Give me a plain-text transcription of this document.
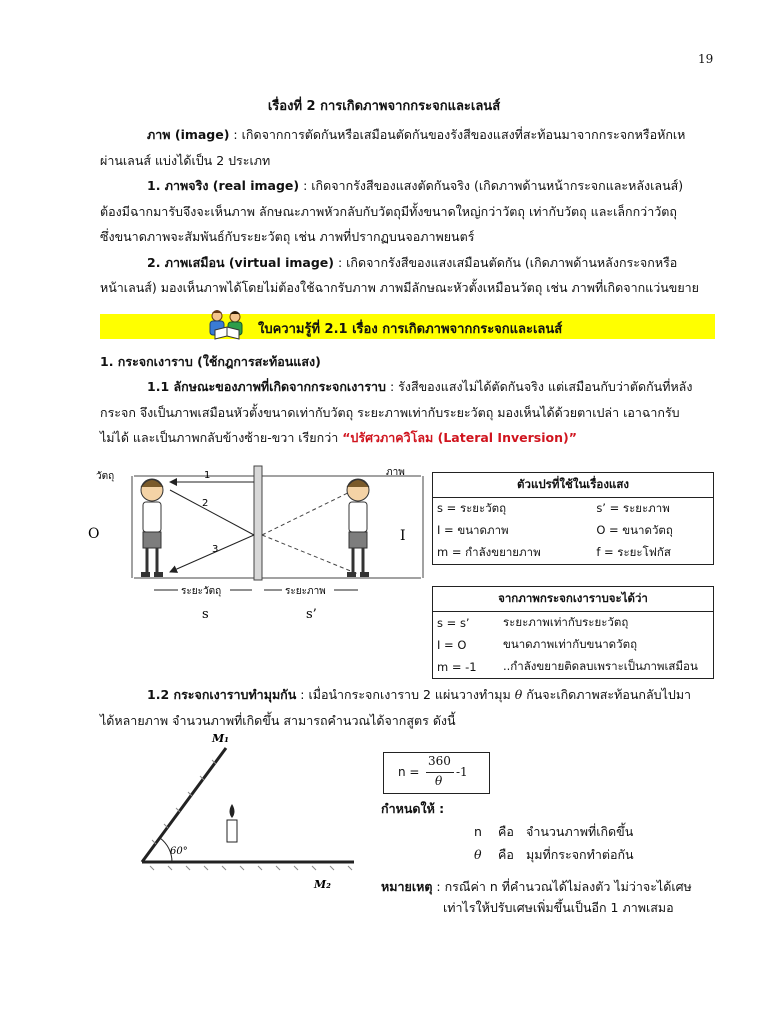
19
เรื่องที่ 2 การเกิดภาพจากกระจกและเลนส์
ภาพ (image) : เกิดจากการตัดกันหรือเสมือนตัดกันของรังสีของแสงที่สะท้อนมาจากกระจกหรือหักเห
ผ่านเลนส์ แบ่งได้เป็น 2 ประเภท
1. ภาพจริง (real image) : เกิดจากรังสีของแสงตัดกันจริง (เกิดภาพด้านหน้ากระจกและหลังเลนส์)
ต้องมีฉากมารับจึงจะเห็นภาพ ลักษณะภาพหัวกลับกับวัตถุมีทั้งขนาดใหญ่กว่าวัตถุ เท่ากับวัตถุ และเล็กกว่าวัตถุ
ซึ่งขนาดภาพจะสัมพันธ์กับระยะวัตถุ เช่น ภาพที่ปรากฏบนจอภาพยนตร์
2. ภาพเสมือน (virtual image) : เกิดจากรังสีของแสงเสมือนตัดกัน (เกิดภาพด้านหลังกระจกหรือ
หน้าเลนส์) มองเห็นภาพได้โดยไม่ต้องใช้ฉากรับภาพ ภาพมีลักษณะหัวตั้งเหมือนวัตถุ เช่น ภาพที่เกิดจากแว่นขยาย
ใบความรู้ที่ 2.1 เรื่อง การเกิดภาพจากกระจกและเลนส์
1. กระจกเงาราบ (ใช้กฎการสะท้อนแสง)
1.1 ลักษณะของภาพที่เกิดจากกระจกเงาราบ : รังสีของแสงไม่ได้ตัดกันจริง แต่เสมือนกับว่าตัดกันที่หลัง
กระจก จึงเป็นภาพเสมือนหัวตั้งขนาดเท่ากับวัตถุ ระยะภาพเท่ากับระยะวัตถุ มองเห็นได้ด้วยตาเปล่า เอาฉากรับ
ไม่ได้ และเป็นภาพกลับข้างซ้าย-ขวา เรียกว่า “ปรัศวภาควิโลม (Lateral Inversion)”
1
2
3
วัตถุ	ภาพ
O	I
ระยะวัตถุ	ระยะภาพ
s	s’
ตัวแปรที่ใช้ในเรื่องแสง	
s = ระยะวัตถุ	s’ = ระยะภาพ
I = ขนาดภาพ	O = ขนาดวัตถุ
m = กำลังขยายภาพ	f = ระยะโฟกัส
จากภาพกระจกเงาราบจะได้ว่า	
s = s’	ระยะภาพเท่ากับระยะวัตถุ
I = O	ขนาดภาพเท่ากับขนาดวัตถุ
m = -1	..กำลังขยายติดลบเพราะเป็นภาพเสมือน
1.2 กระจกเงาราบทำมุมกัน : เมื่อนำกระจกเงาราบ 2 แผ่นวางทำมุม θ กันจะเกิดภาพสะท้อนกลับไปมา
ได้หลายภาพ จำนวนภาพที่เกิดขึ้น สามารถคำนวณได้จากสูตร ดังนี้
60°
M₁
M₂
n =
360
θ
-1
กำหนดให้ :
n คือ จำนวนภาพที่เกิดขึ้น
θ คือ มุมที่กระจกทำต่อกัน
หมายเหตุ : กรณีค่า n ที่คำนวณได้ไม่ลงตัว ไม่ว่าจะได้เศษ
เท่าไรให้ปรับเศษเพิ่มขึ้นเป็นอีก 1 ภาพเสมอ
